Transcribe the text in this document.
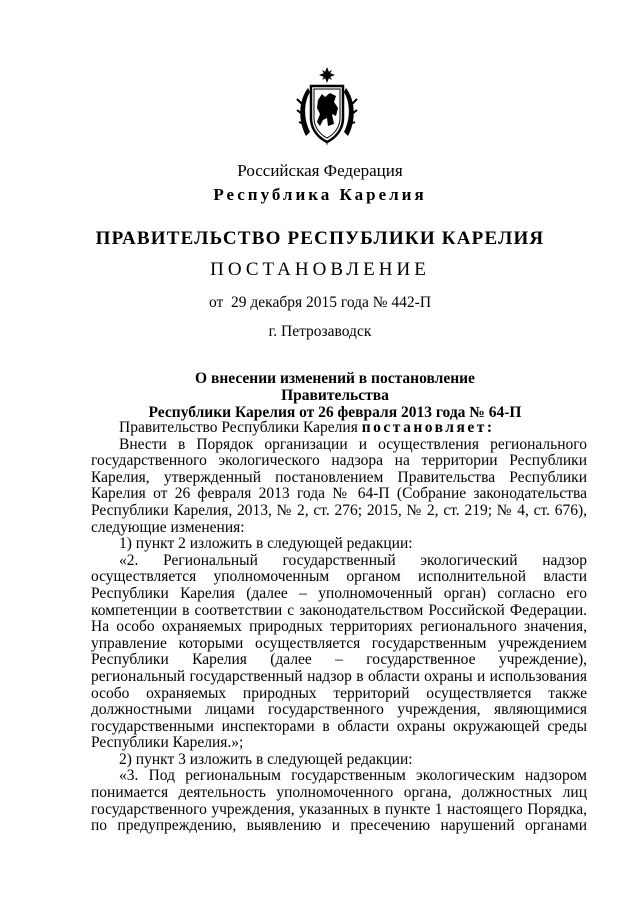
Российская Федерация
Республика Карелия
ПРАВИТЕЛЬСТВО РЕСПУБЛИКИ КАРЕЛИЯ
ПОСТАНОВЛЕНИЕ
от  29 декабря 2015 года № 442-П
г. Петрозаводск
О внесении изменений в постановление Правительства
Республики Карелия от 26 февраля 2013 года № 64-П

Правительство Республики Карелия постановляет:

Внести в Порядок организации и осуществления регионального государственного экологического надзора на территории Республики Карелия, утвержденный постановлением Правительства Республики Карелия от 26 февраля 2013 года № 64-П (Собрание законодательства Республики Карелия, 2013, № 2, ст. 276; 2015, № 2, ст. 219; № 4, ст. 676), следующие изменения:

1) пункт 2 изложить в следующей редакции:

«2. Региональный государственный экологический надзор осуществляется уполномоченным органом исполнительной власти Республики Карелия (далее – уполномоченный орган) согласно его компетенции в соответствии с законодательством Российской Федерации. На особо охраняемых природных территориях регионального значения, управление которыми осуществляется государственным учреждением Республики Карелия (далее – государственное учреждение), региональный государственный надзор в области охраны и использования особо охраняемых природных территорий осуществляется также должностными лицами государственного учреждения, являющимися государственными инспекторами в области охраны окружающей среды Республики Карелия.»;

2) пункт 3 изложить в следующей редакции:

«3. Под региональным государственным экологическим надзором понимается деятельность уполномоченного органа, должностных лиц государственного учреждения, указанных в пункте 1 настоящего Порядка, по предупреждению, выявлению и пресечению нарушений органами
